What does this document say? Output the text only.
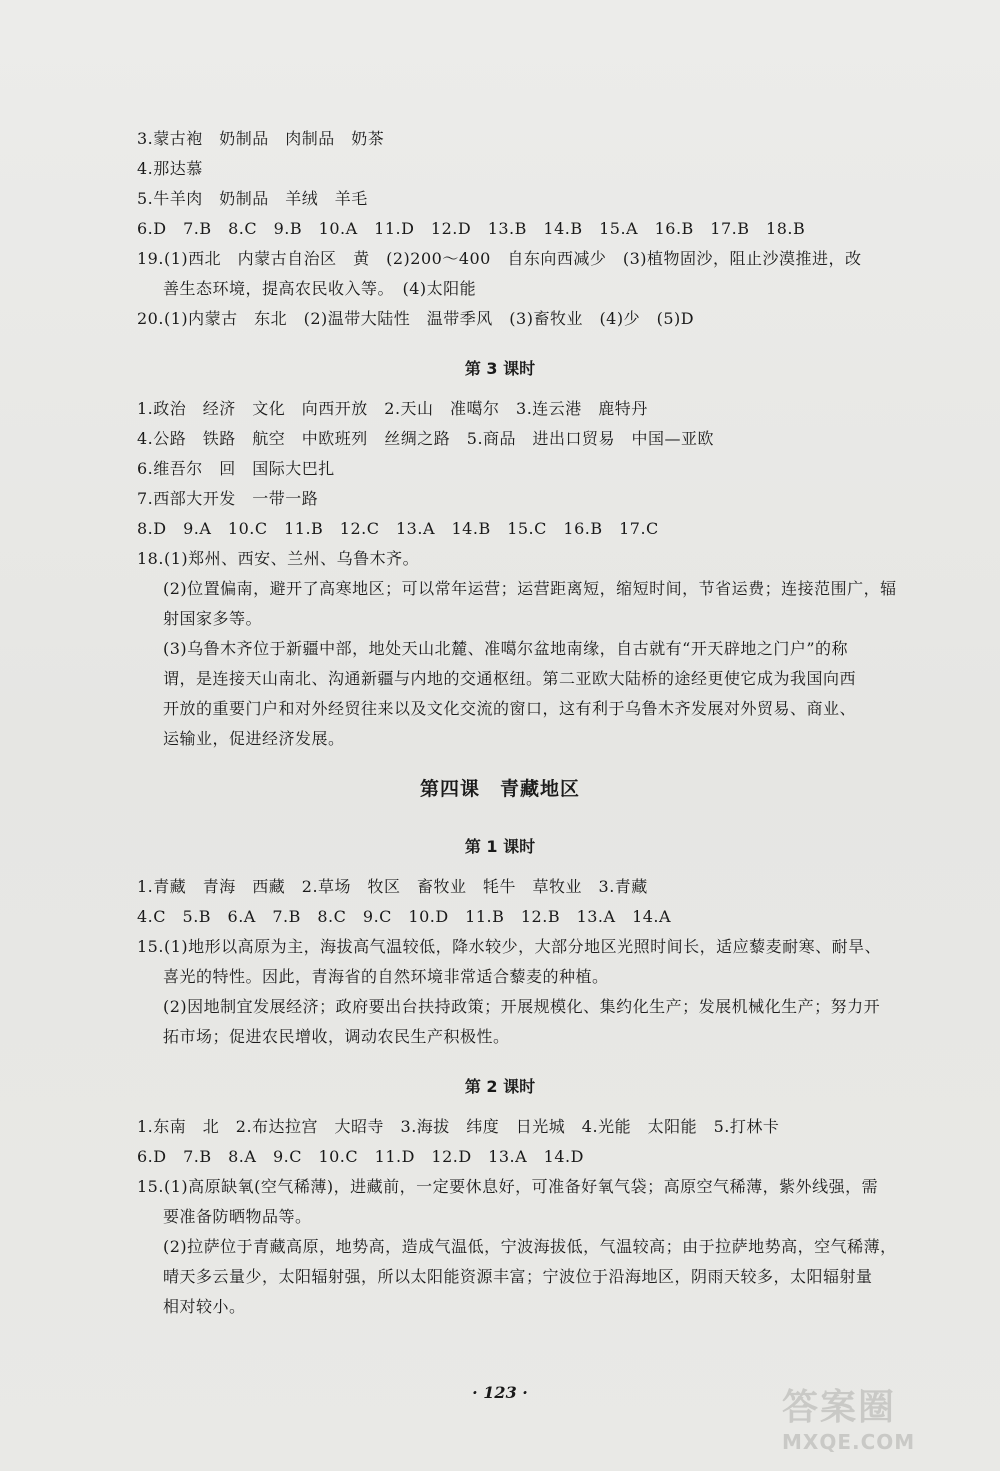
3.蒙古袍　奶制品　肉制品　奶茶
4.那达慕
5.牛羊肉　奶制品　羊绒　羊毛
6.D　7.B　8.C　9.B　10.A　11.D　12.D　13.B　14.B　15.A　16.B　17.B　18.B
19.(1)西北　内蒙古自治区　黄　(2)200～400　自东向西减少　(3)植物固沙，阻止沙漠推进，改
善生态环境，提高农民收入等。　(4)太阳能
20.(1)内蒙古　东北　(2)温带大陆性　温带季风　(3)畜牧业　(4)少　(5)D
第 3 课时
1.政治　经济　文化　向西开放　2.天山　准噶尔　3.连云港　鹿特丹
4.公路　铁路　航空　中欧班列　丝绸之路　5.商品　进出口贸易　中国—亚欧
6.维吾尔　回　国际大巴扎
7.西部大开发　一带一路
8.D　9.A　10.C　11.B　12.C　13.A　14.B　15.C　16.B　17.C
18.(1)郑州、西安、兰州、乌鲁木齐。
(2)位置偏南，避开了高寒地区；可以常年运营；运营距离短，缩短时间，节省运费；连接范围广，辐
射国家多等。
(3)乌鲁木齐位于新疆中部，地处天山北麓、准噶尔盆地南缘，自古就有“开天辟地之门户”的称
谓，是连接天山南北、沟通新疆与内地的交通枢纽。第二亚欧大陆桥的途经更使它成为我国向西
开放的重要门户和对外经贸往来以及文化交流的窗口，这有利于乌鲁木齐发展对外贸易、商业、
运输业，促进经济发展。
第四课　青藏地区
第 1 课时
1.青藏　青海　西藏　2.草场　牧区　畜牧业　牦牛　草牧业　3.青藏
4.C　5.B　6.A　7.B　8.C　9.C　10.D　11.B　12.B　13.A　14.A
15.(1)地形以高原为主，海拔高气温较低，降水较少，大部分地区光照时间长，适应藜麦耐寒、耐旱、
喜光的特性。因此，青海省的自然环境非常适合藜麦的种植。
(2)因地制宜发展经济；政府要出台扶持政策；开展规模化、集约化生产；发展机械化生产；努力开
拓市场；促进农民增收，调动农民生产积极性。
第 2 课时
1.东南　北　2.布达拉宫　大昭寺　3.海拔　纬度　日光城　4.光能　太阳能　5.打林卡
6.D　7.B　8.A　9.C　10.C　11.D　12.D　13.A　14.D
15.(1)高原缺氧(空气稀薄)，进藏前，一定要休息好，可准备好氧气袋；高原空气稀薄，紫外线强，需
要准备防晒物品等。
(2)拉萨位于青藏高原，地势高，造成气温低，宁波海拔低，气温较高；由于拉萨地势高，空气稀薄，
晴天多云量少，太阳辐射强，所以太阳能资源丰富；宁波位于沿海地区，阴雨天较多，太阳辐射量
相对较小。
· 123 ·	答案圈
MXQE.COM
